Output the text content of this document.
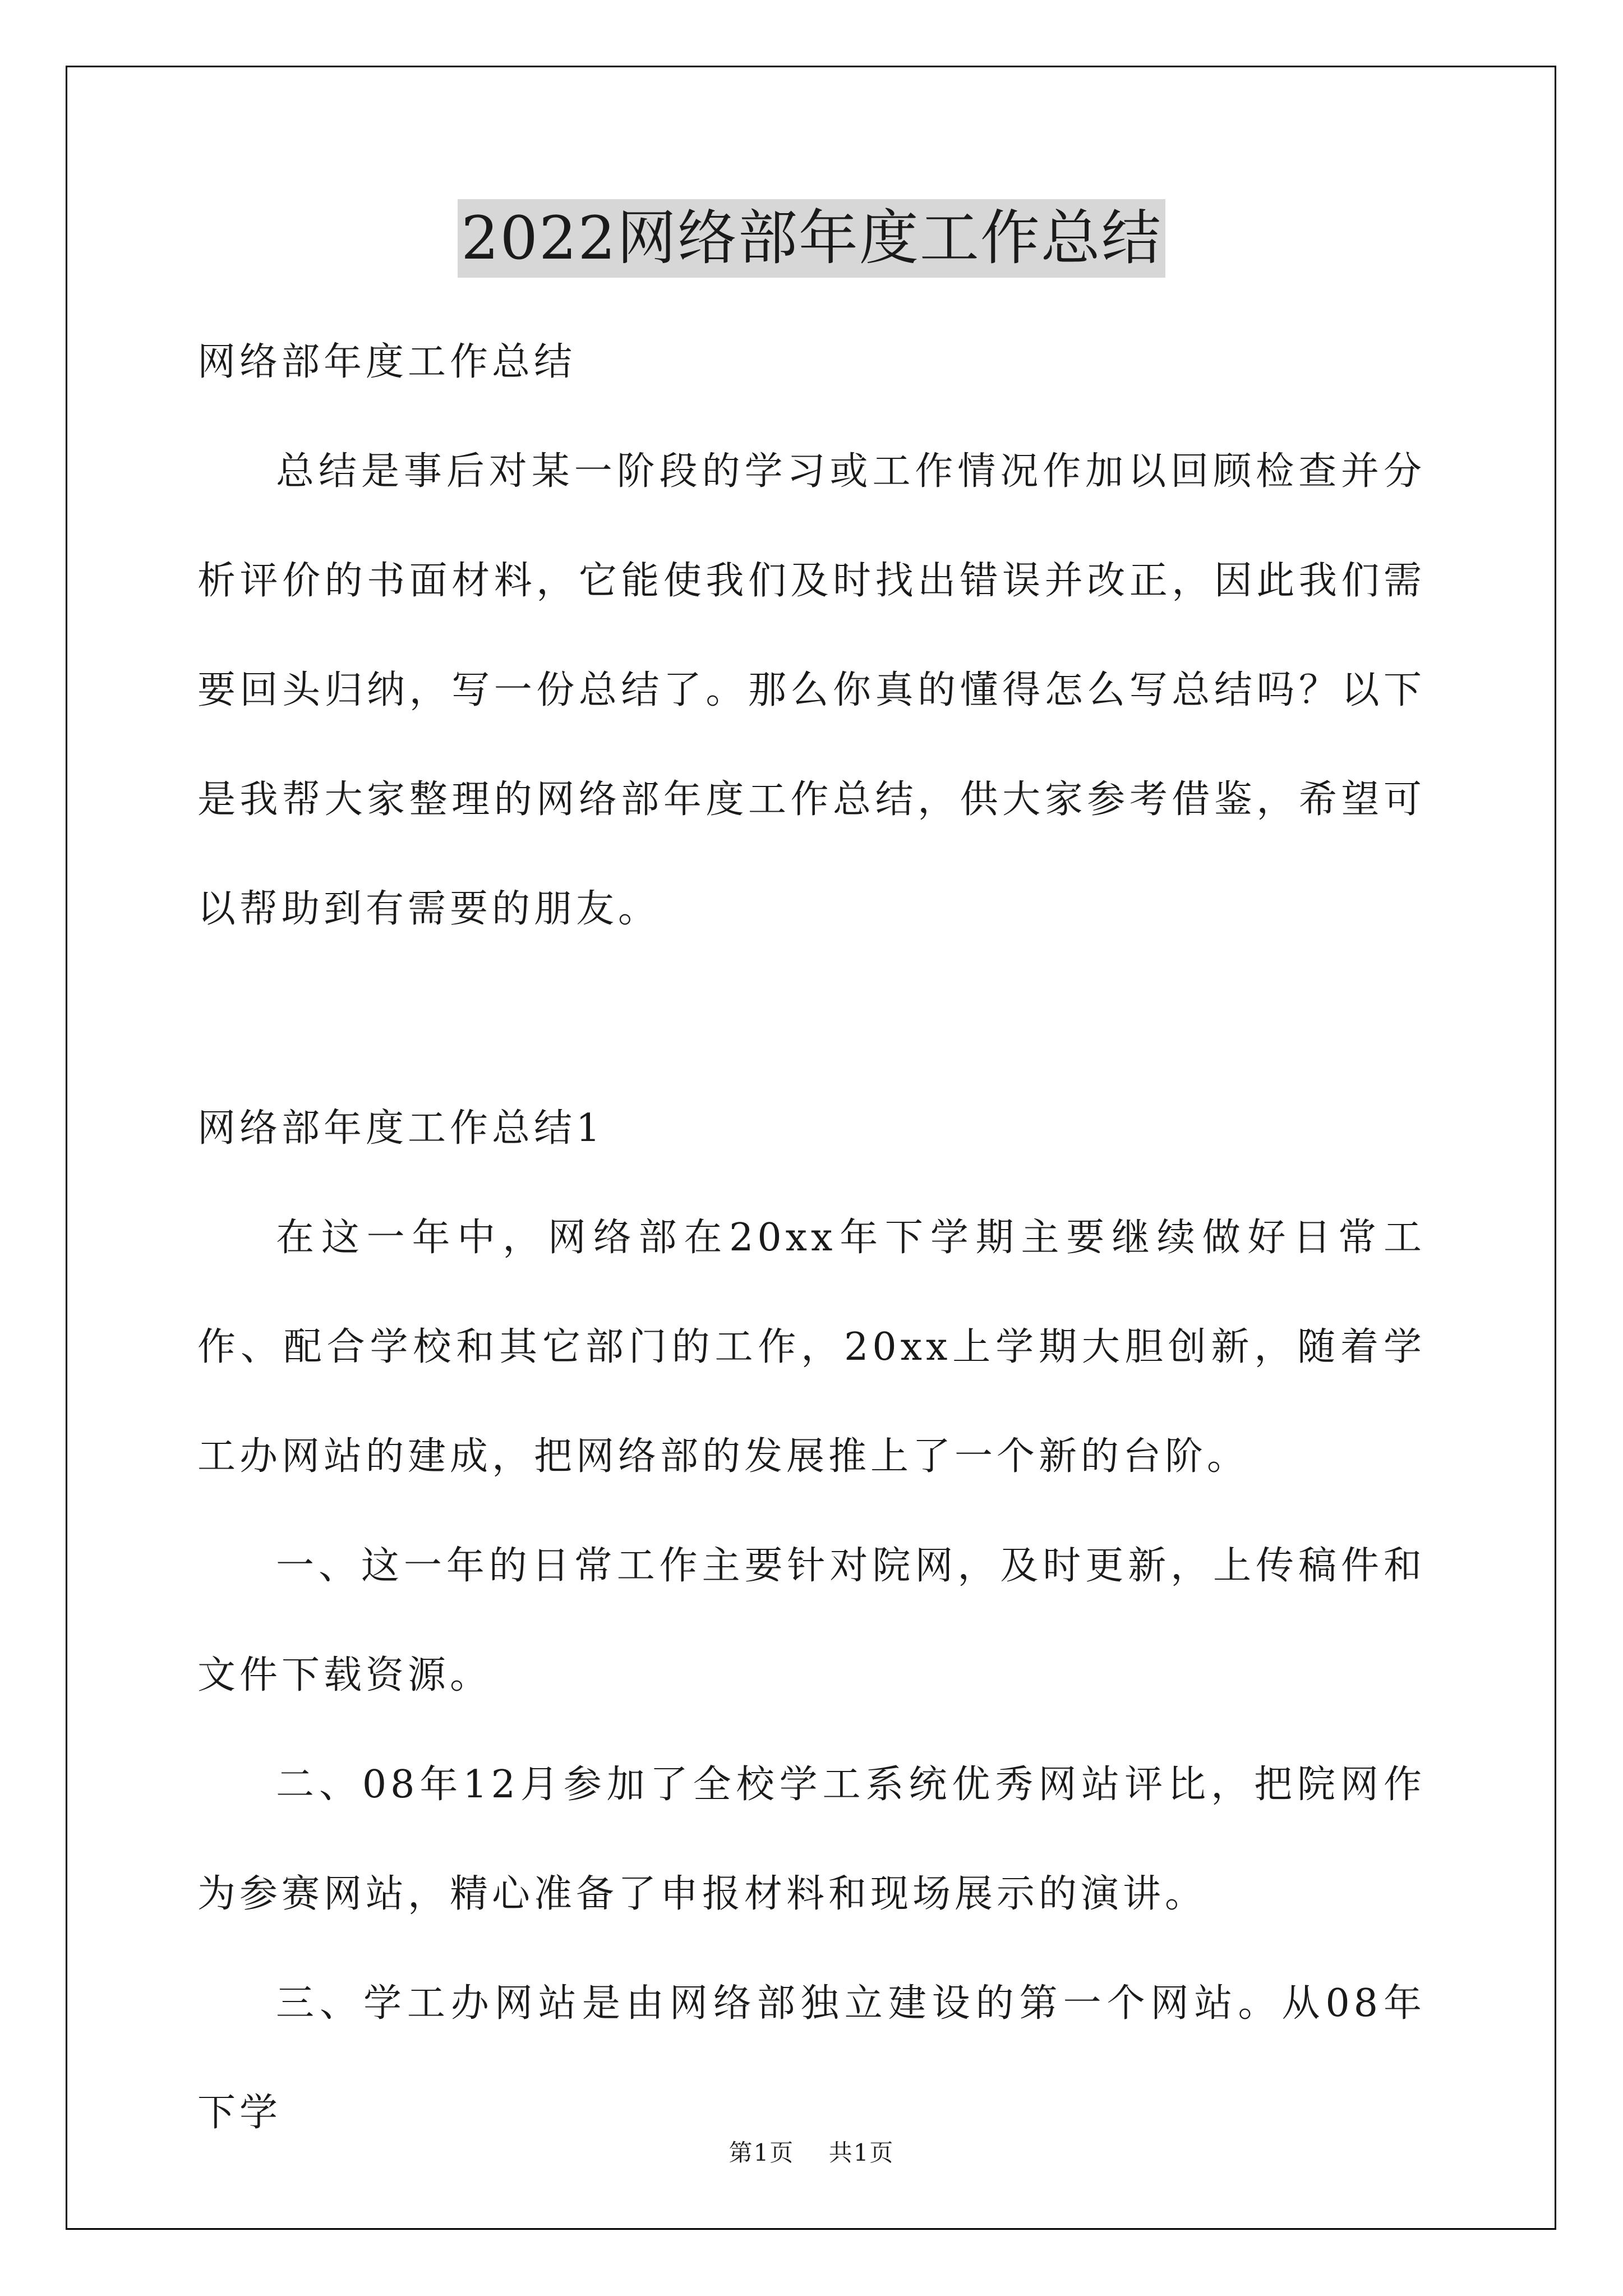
2022网络部年度工作总结

网络部年度工作总结

总结是事后对某一阶段的学习或工作情况作加以回顾检查并分析评价的书面材料，它能使我们及时找出错误并改正，因此我们需要回头归纳，写一份总结了。那么你真的懂得怎么写总结吗？以下是我帮大家整理的网络部年度工作总结，供大家参考借鉴，希望可以帮助到有需要的朋友。

网络部年度工作总结1

在这一年中，网络部在20xx年下学期主要继续做好日常工作、配合学校和其它部门的工作，20xx上学期大胆创新，随着学工办网站的建成，把网络部的发展推上了一个新的台阶。

一、这一年的日常工作主要针对院网，及时更新，上传稿件和文件下载资源。

二、08年12月参加了全校学工系统优秀网站评比，把院网作为参赛网站，精心准备了申报材料和现场展示的演讲。

三、学工办网站是由网络部独立建设的第一个网站。从08年下学

第1页 共1页
